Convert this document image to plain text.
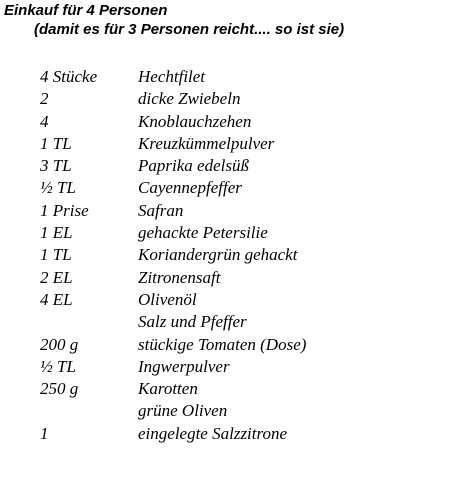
Einkauf für 4 Personen
(damit es für 3 Personen reicht.... so ist sie)
4 Stücke Hechtfilet
2	dicke Zwiebeln
4	Knoblauchzehen
1 TL	Kreuzkümmelpulver
3 TL	Paprika edelsüß
½ TL	Cayennepfeffer
1 Prise	Safran
1 EL	gehackte Petersilie
1 TL	Koriandergrün gehackt
2 EL	Zitronensaft
4 EL	Olivenöl
Salz und Pfeffer
200 g	stückige Tomaten (Dose)
½ TL	Ingwerpulver
250 g	Karotten
grüne Oliven
1	eingelegte Salzzitrone
